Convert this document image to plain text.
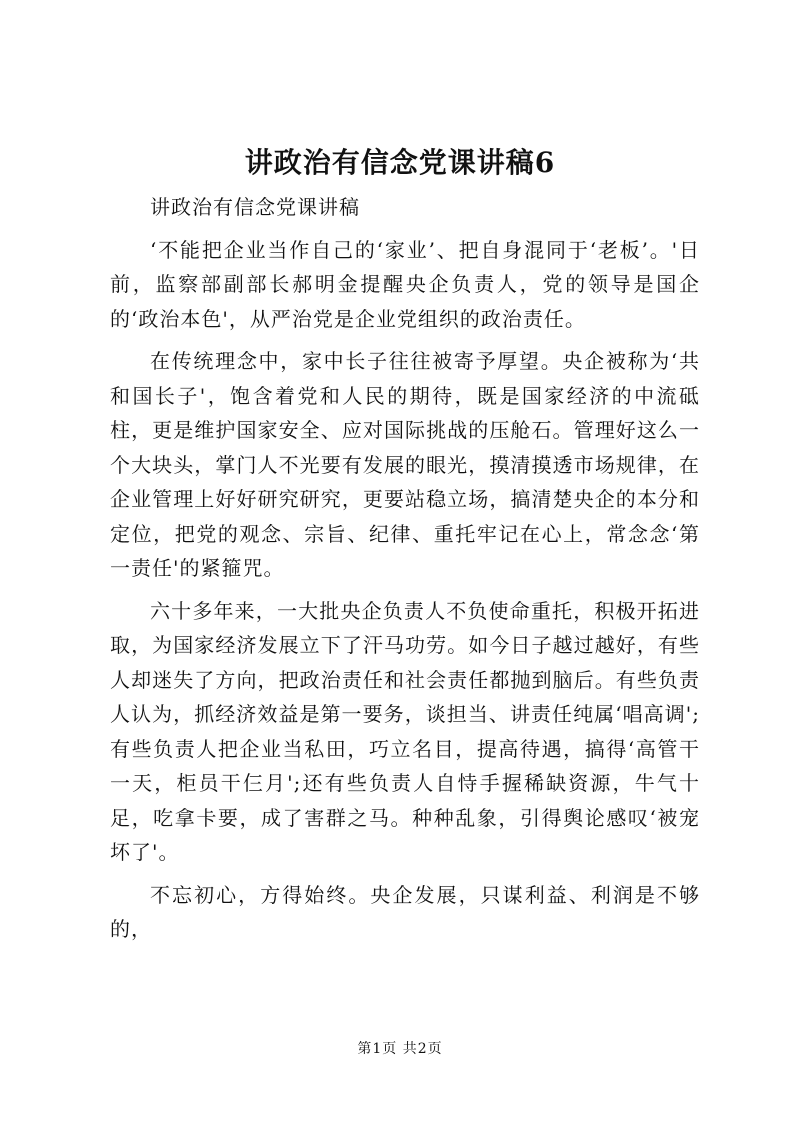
讲政治有信念党课讲稿6

讲政治有信念党课讲稿

‘不能把企业当作自己的‘家业’、把自身混同于‘老板’。'日前，监察部副部长郝明金提醒央企负责人，党的领导是国企的‘政治本色'，从严治党是企业党组织的政治责任。

在传统理念中，家中长子往往被寄予厚望。央企被称为‘共和国长子'，饱含着党和人民的期待，既是国家经济的中流砥柱，更是维护国家安全、应对国际挑战的压舱石。管理好这么一个大块头，掌门人不光要有发展的眼光，摸清摸透市场规律，在企业管理上好好研究研究，更要站稳立场，搞清楚央企的本分和定位，把党的观念、宗旨、纪律、重托牢记在心上，常念念‘第一责任'的紧箍咒。

六十多年来，一大批央企负责人不负使命重托，积极开拓进取，为国家经济发展立下了汗马功劳。如今日子越过越好，有些人却迷失了方向，把政治责任和社会责任都抛到脑后。有些负责人认为，抓经济效益是第一要务，谈担当、讲责任纯属‘唱高调';有些负责人把企业当私田，巧立名目，提高待遇，搞得‘高管干一天，柜员干仨月';还有些负责人自恃手握稀缺资源，牛气十足，吃拿卡要，成了害群之马。种种乱象，引得舆论感叹‘被宠坏了'。

不忘初心，方得始终。央企发展，只谋利益、利润是不够的，

第1页 共2页
